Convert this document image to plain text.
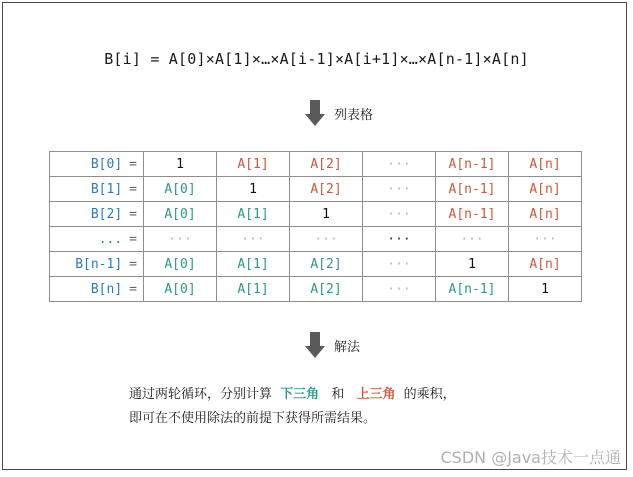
B[i] = A[0]×A[1]×…×A[i-1]×A[i+1]×…×A[n-1]×A[n]
列表格
B[0] =	1	A[1]	A[2]	···	A[n-1]	A[n]
B[1] =	A[0]	1	A[2]	···	A[n-1]	A[n]
B[2] =	A[0]	A[1]	1	···	A[n-1]	A[n]
... =	···	···	···	···	···	···
B[n-1] =	A[0]	A[1]	A[2]	···	1	A[n]
B[n] =	A[0]	A[1]	A[2]	···	A[n-1]	1
解法
通过两轮循环，分别计算 下三角 和 上三角 的乘积，
即可在不使用除法的前提下获得所需结果。
CSDN @Java技术一点通
